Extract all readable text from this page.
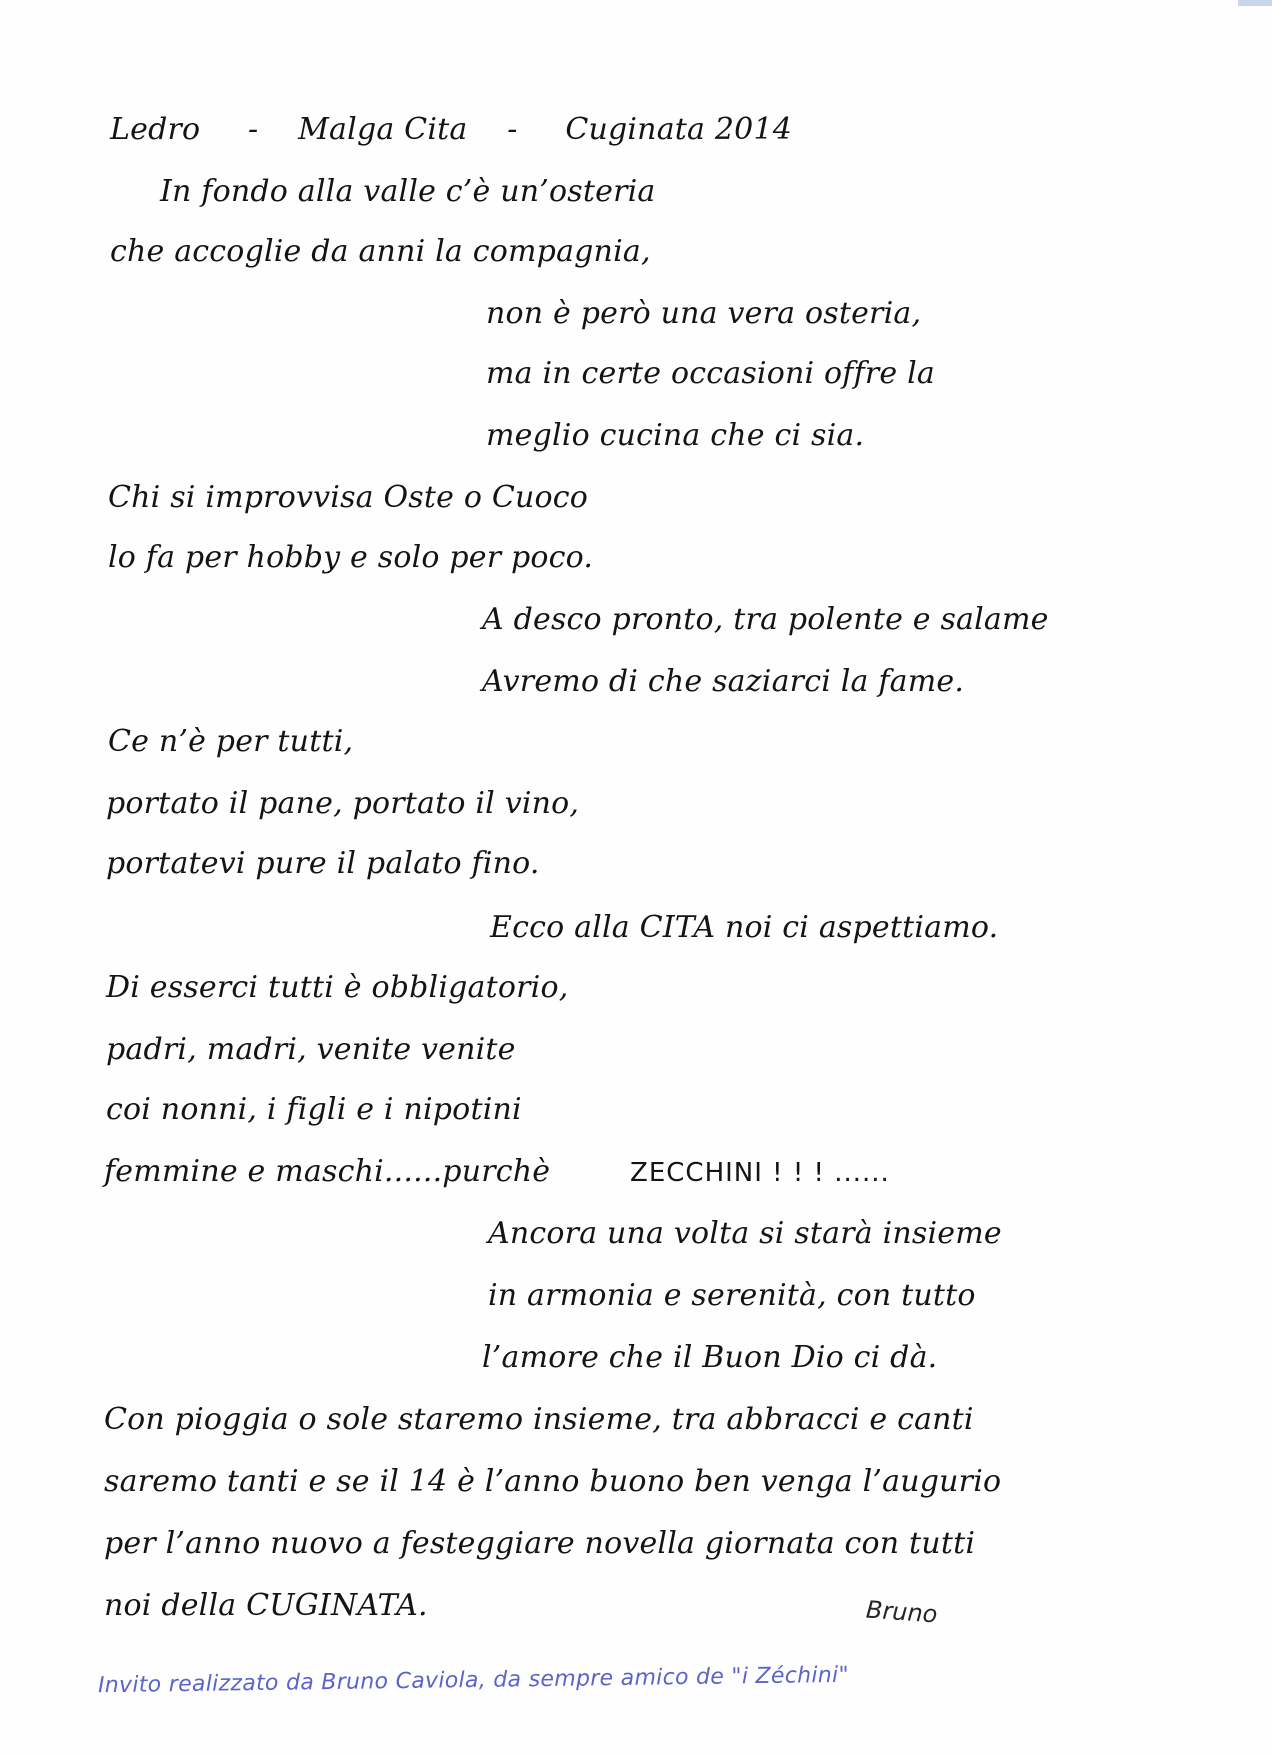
Ledro - Malga Cita - Cuginata 2014
In fondo alla valle c’è un’osteria
che accoglie da anni la compagnia,
non è però una vera osteria,
ma in certe occasioni offre la
meglio cucina che ci sia.
Chi si improvvisa Oste o Cuoco
lo fa per hobby e solo per poco.
A desco pronto, tra polente e salame
Avremo di che saziarci la fame.
Ce n’è per tutti,
portato il pane, portato il vino,
portatevi pure il palato fino.
Ecco alla CITA noi ci aspettiamo.
Di esserci tutti è obbligatorio,
padri, madri, venite venite
coi nonni, i figli e i nipotini
femmine e maschi......purchè	ZECCHINI ! ! ! ......
Ancora una volta si starà insieme
in armonia e serenità, con tutto
l’amore che il Buon Dio ci dà.
Con pioggia o sole staremo insieme, tra abbracci e canti
saremo tanti e se il 14 è l’anno buono ben venga l’augurio
per l’anno nuovo a festeggiare novella giornata con tutti
noi della CUGINATA.	Bruno
Invito realizzato da Bruno Caviola, da sempre amico de "i Zéchini"
